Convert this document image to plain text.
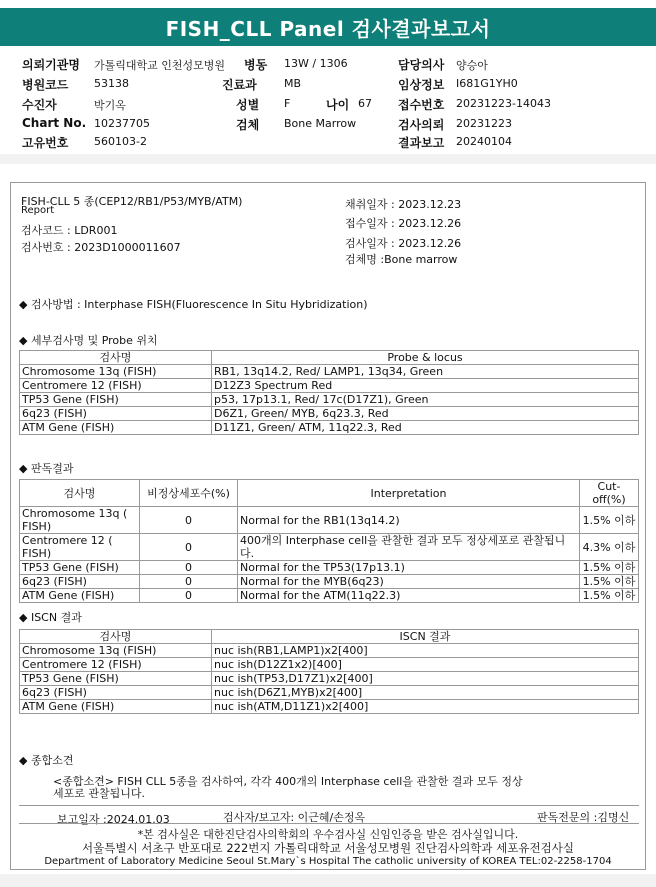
FISH_CLL Panel 검사결과보고서
의뢰기관명 가톨릭대학교 인천성모병원 병동 13W / 1306	담당의사 양승아
병원코드 53138	진료과 MB	임상정보 I681G1YH0
수진자	박기옥	성별 F	나이 67 접수번호 20231223-14043
Chart No. 10237705	검체 Bone Marrow	검사의뢰 20231223
고유번호 560103-2	결과보고 20240104
FISH-CLL 5 종(CEP12/RB1/P53/MYB/ATM)
Report
검사코드 : LDR001
검사번호 : 2023D1000011607
채취일자 : 2023.12.23
접수일자 : 2023.12.26
검사일자 : 2023.12.26
검체명 :Bone marrow
◆ 검사방법 : Interphase FISH(Fluorescence In Situ Hybridization)
◆ 세부검사명 및 Probe 위치
검사명	Probe & locus
Chromosome 13q (FISH)	RB1, 13q14.2, Red/ LAMP1, 13q34, Green
Centromere 12 (FISH)	D12Z3 Spectrum Red
TP53 Gene (FISH)	p53, 17p13.1, Red/ 17c(D17Z1), Green
6q23 (FISH)	D6Z1, Green/ MYB, 6q23.3, Red
ATM Gene (FISH)	D11Z1, Green/ ATM, 11q22.3, Red
◆ 판독결과
검사명	비정상세포수(%)	Interpretation	Cut-off(%)
Chromosome 13q ( FISH)	0	Normal for the RB1(13q14.2)	1.5% 이하
Centromere 12 ( FISH)	0	400개의 Interphase cell을 관찰한 결과 모두 정상세포로 관찰됩니다.	4.3% 이하
TP53 Gene (FISH)	0	Normal for the TP53(17p13.1)	1.5% 이하
6q23 (FISH)	0	Normal for the MYB(6q23)	1.5% 이하
ATM Gene (FISH)	0	Normal for the ATM(11q22.3)	1.5% 이하
◆ ISCN 결과
검사명	ISCN 결과
Chromosome 13q (FISH)	nuc ish(RB1,LAMP1)x2[400]
Centromere 12 (FISH)	nuc ish(D12Z1x2)[400]
TP53 Gene (FISH)	nuc ish(TP53,D17Z1)x2[400]
6q23 (FISH)	nuc ish(D6Z1,MYB)x2[400]
ATM Gene (FISH)	nuc ish(ATM,D11Z1)x2[400]
◆ 종합소견
<종합소견> FISH CLL 5종을 검사하여, 각각 400개의 Interphase cell을 관찰한 결과 모두 정상
세포로 관찰됩니다.
보고일자 :2024.01.03	검사자/보고자: 이근혜/손정옥	판독전문의 :김명신
*본 검사실은 대한진단검사의학회의 우수검사실 신임인증을 받은 검사실입니다.
서울특별시 서초구 반포대로 222번지 가톨릭대학교 서울성모병원 진단검사의학과 세포유전검사실
Department of Laboratory Medicine Seoul St.Mary`s Hospital The catholic university of KOREA TEL:02-2258-1704
